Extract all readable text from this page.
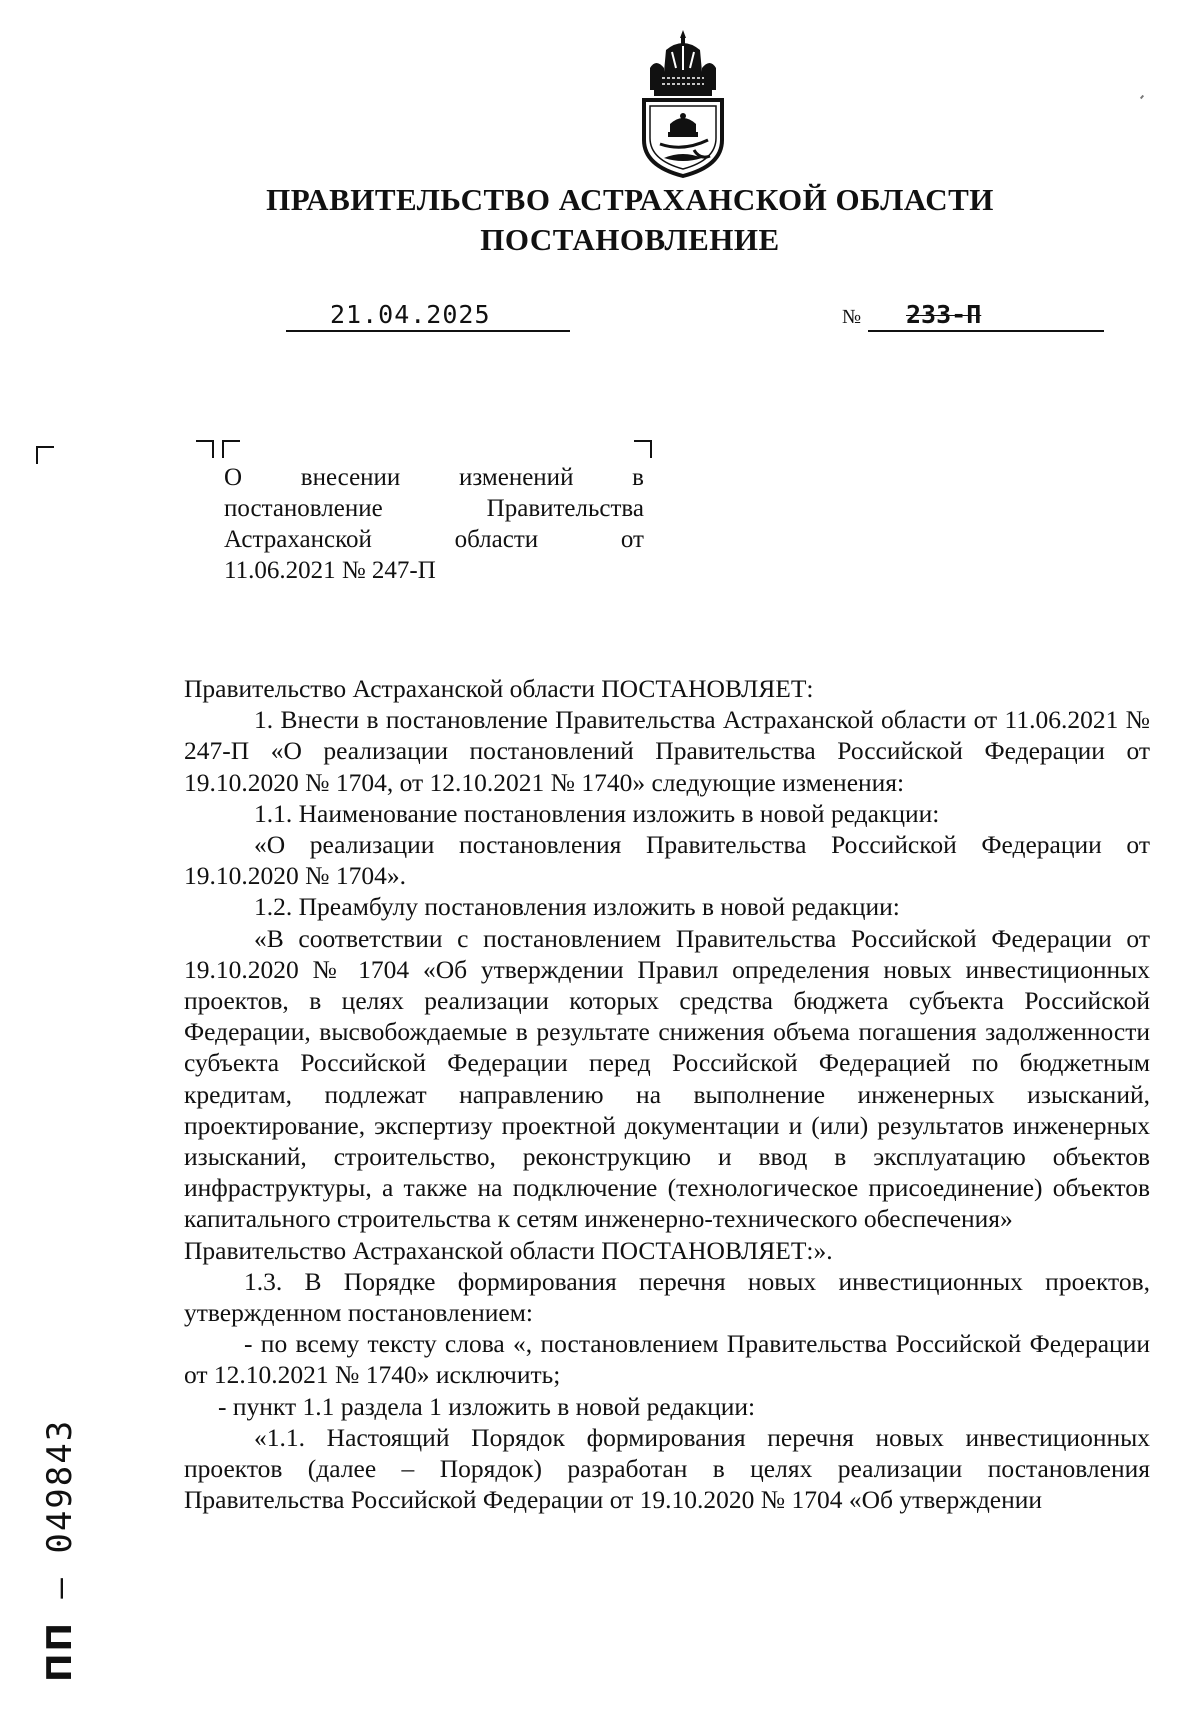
ПРАВИТЕЛЬСТВО АСТРАХАНСКОЙ ОБЛАСТИ
ПОСТАНОВЛЕНИЕ
21.04.2025	№ 233-П
О внесении изменений в
постановление	Правительства
Астраханской	области	от
11.06.2021 № 247-П

Правительство Астраханской области ПОСТАНОВЛЯЕТ:

1. Внести в постановление Правительства Астраханской области от 11.06.2021 № 247-П «О реализации постановлений Правительства Российской Федерации от 19.10.2020 № 1704, от 12.10.2021 № 1740» следующие изменения:

1.1. Наименование постановления изложить в новой редакции:

«О реализации постановления Правительства Российской Федерации от 19.10.2020 № 1704».

1.2. Преамбулу постановления изложить в новой редакции:

«В соответствии с постановлением Правительства Российской Федерации от 19.10.2020 № 1704 «Об утверждении Правил определения новых инвестиционных проектов, в целях реализации которых средства бюджета субъекта Российской Федерации, высвобождаемые в результате снижения объема погашения задолженности субъекта Российской Федерации перед Российской Федерацией по бюджетным кредитам, подлежат направлению на выполнение инженерных изысканий, проектирование, экспертизу проектной документации и (или) результатов инженерных изысканий, строительство, реконструкцию и ввод в эксплуатацию объектов инфраструктуры, а также на подключение (технологическое присоединение) объектов капитального строительства к сетям инженерно-технического обеспечения»

Правительство Астраханской области ПОСТАНОВЛЯЕТ:».

1.3. В Порядке формирования перечня новых инвестиционных проектов, утвержденном постановлением:

- по всему тексту слова «, постановлением Правительства Российской Федерации от 12.10.2021 № 1740» исключить;

- пункт 1.1 раздела 1 изложить в новой редакции:

«1.1. Настоящий Порядок формирования перечня новых инвестиционных проектов (далее – Порядок) разработан в целях реализации постановления Правительства Российской Федерации от 19.10.2020 № 1704 «Об утверждении

ПП – 049843
